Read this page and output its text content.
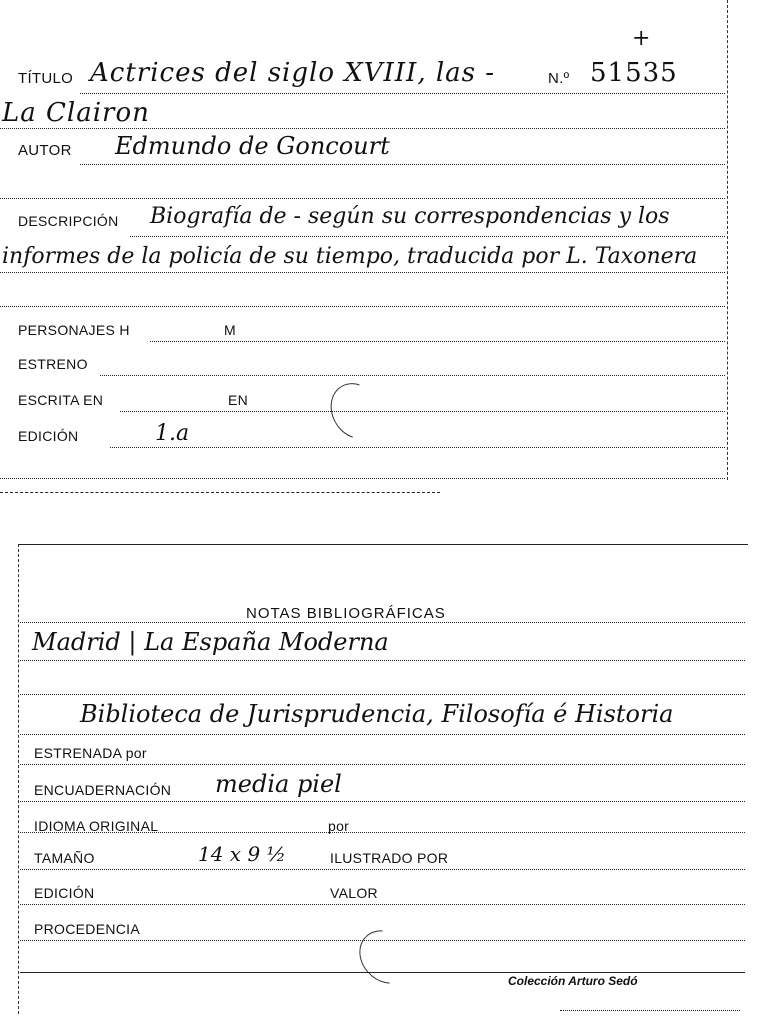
TÍTULO Actrices del siglo XVIII, las -	N.º 51535
+
La Clairon
AUTOR Edmundo de Goncourt
DESCRIPCIÓN Biografía de - según su correspondencias y los
informes de la policía de su tiempo, traducida por L. Taxonera
PERSONAJES H	M
ESTRENO
ESCRITA EN	EN
EDICIÓN	1.a
NOTAS BIBLIOGRÁFICAS
Madrid | La España Moderna
Biblioteca de Jurisprudencia, Filosofía é Historia
ESTRENADA por
ENCUADERNACIÓN media piel
IDIOMA ORIGINAL	por
TAMAÑO	14 x 9 ½	ILUSTRADO POR
EDICIÓN	VALOR
PROCEDENCIA
Colección Arturo Sedó
